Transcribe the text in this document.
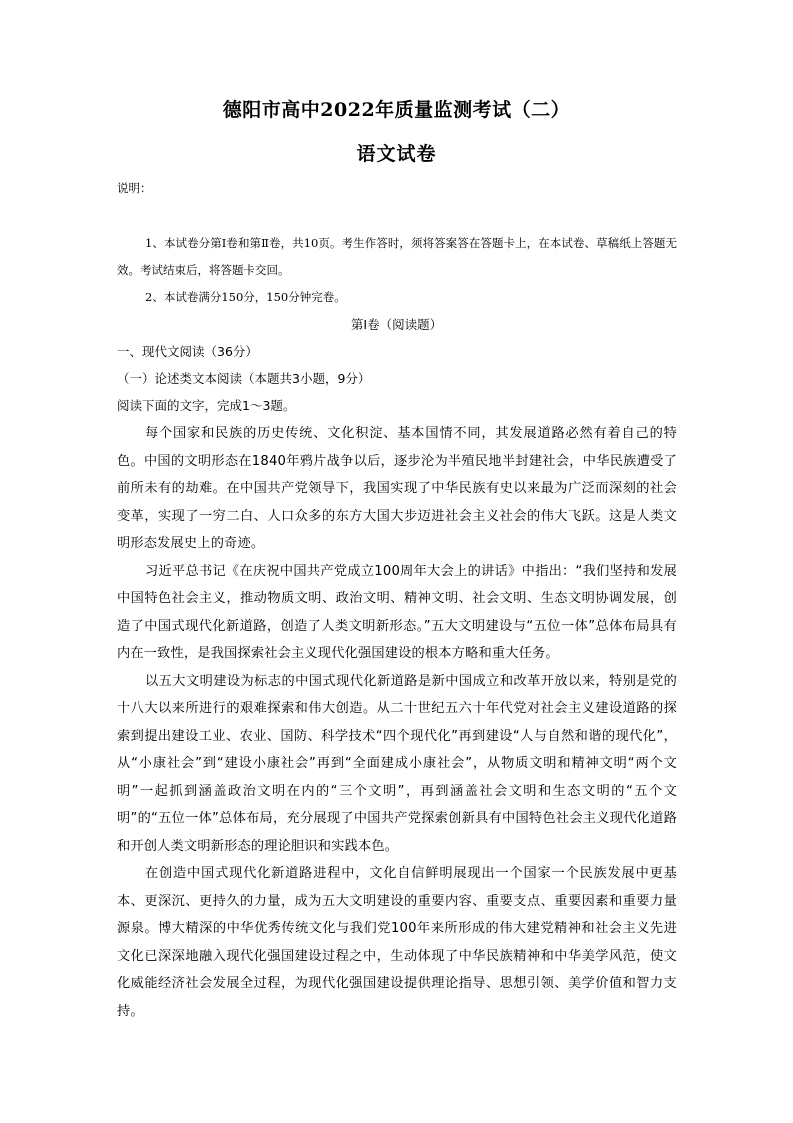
德阳市高中2022年质量监测考试（二）
语文试卷
说明：
1、本试卷分第Ⅰ卷和第Ⅱ卷，共10页。考生作答时，须将答案答在答题卡上，在本试卷、草稿纸上答题无效。考试结束后，将答题卡交回。
2、本试卷满分150分，150分钟完卷。
第Ⅰ卷（阅读题）
一、现代文阅读（36分）
（一）论述类文本阅读（本题共3小题，9分）
阅读下面的文字，完成1～3题。

每个国家和民族的历史传统、文化积淀、基本国情不同，其发展道路必然有着自己的特色。中国的文明形态在1840年鸦片战争以后，逐步沦为半殖民地半封建社会，中华民族遭受了前所未有的劫难。在中国共产党领导下，我国实现了中华民族有史以来最为广泛而深刻的社会变革，实现了一穷二白、人口众多的东方大国大步迈进社会主义社会的伟大飞跃。这是人类文明形态发展史上的奇迹。

习近平总书记《在庆祝中国共产党成立100周年大会上的讲话》中指出：“我们坚持和发展中国特色社会主义，推动物质文明、政治文明、精神文明、社会文明、生态文明协调发展，创造了中国式现代化新道路，创造了人类文明新形态。”五大文明建设与“五位一体”总体布局具有内在一致性，是我国探索社会主义现代化强国建设的根本方略和重大任务。

以五大文明建设为标志的中国式现代化新道路是新中国成立和改革开放以来，特别是党的十八大以来所进行的艰难探索和伟大创造。从二十世纪五六十年代党对社会主义建设道路的探索到提出建设工业、农业、国防、科学技术“四个现代化”再到建设“人与自然和谐的现代化”，从“小康社会”到“建设小康社会”再到“全面建成小康社会”，从物质文明和精神文明“两个文明”一起抓到涵盖政治文明在内的“三个文明”，再到涵盖社会文明和生态文明的“五个文明”的“五位一体”总体布局，充分展现了中国共产党探索创新具有中国特色社会主义现代化道路和开创人类文明新形态的理论胆识和实践本色。

在创造中国式现代化新道路进程中，文化自信鲜明展现出一个国家一个民族发展中更基本、更深沉、更持久的力量，成为五大文明建设的重要内容、重要支点、重要因素和重要力量源泉。博大精深的中华优秀传统文化与我们党100年来所形成的伟大建党精神和社会主义先进文化已深深地融入现代化强国建设过程之中，生动体现了中华民族精神和中华美学风范，使文化威能经济社会发展全过程，为现代化强国建设提供理论指导、思想引领、美学价值和智力支持。
